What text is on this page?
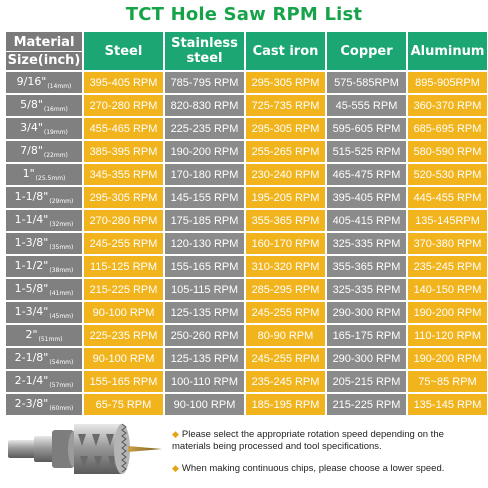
TCT Hole Saw RPM List
Material
Size(inch)	Steel	Stainless steel	Cast iron	Copper	Aluminum
$9/16"_{(14mm)}$	395-405 RPM	785-795 RPM	295-305 RPM	575-585RPM	895-905RPM
$5/8"_{(16mm)}$	270-280 RPM	820-830 RPM	725-735 RPM	45-555 RPM	360-370 RPM
$3/4"_{(19mm)}$	455-465 RPM	225-235 RPM	295-305 RPM	595-605 RPM	685-695 RPM
$7/8"_{(22mm)}$	385-395 RPM	190-200 RPM	255-265 RPM	515-525 RPM	580-590 RPM
$1"_{(25.5mm)}$	345-355 RPM	170-180 RPM	230-240 RPM	465-475 RPM	520-530 RPM
$1-1/8"_{(29mm)}$	295-305 RPM	145-155 RPM	195-205 RPM	395-405 RPM	445-455 RPM
$1-1/4"_{(32mm)}$	270-280 RPM	175-185 RPM	355-365 RPM	405-415 RPM	135-145RPM
$1-3/8"_{(35mm)}$	245-255 RPM	120-130 RPM	160-170 RPM	325-335 RPM	370-380 RPM
$1-1/2"_{(38mm)}$	115-125 RPM	155-165 RPM	310-320 RPM	355-365 RPM	235-245 RPM
$1-5/8"_{(41mm)}$	215-225 RPM	105-115 RPM	285-295 RPM	325-335 RPM	140-150 RPM
$1-3/4"_{(45mm)}$	90-100 RPM	125-135 RPM	245-255 RPM	290-300 RPM	190-200 RPM
$2"_{(51mm)}$	225-235 RPM	250-260 RPM	80-90 RPM	165-175 RPM	110-120 RPM
$2-1/8"_{(54mm)}$	90-100 RPM	125-135 RPM	245-255 RPM	290-300 RPM	190-200 RPM
$2-1/4"_{(57mm)}$	155-165 RPM	100-110 RPM	235-245 RPM	205-215 RPM	75~85 RPM
$2-3/8"_{(60mm)}$	65-75 RPM	90-100 RPM	185-195 RPM	215-225 RPM	135-145 RPM
◆ Please select the appropriate rotation speed depending on the materials being processed and tool specifications.
◆ When making continuous chips, please choose a lower speed.
